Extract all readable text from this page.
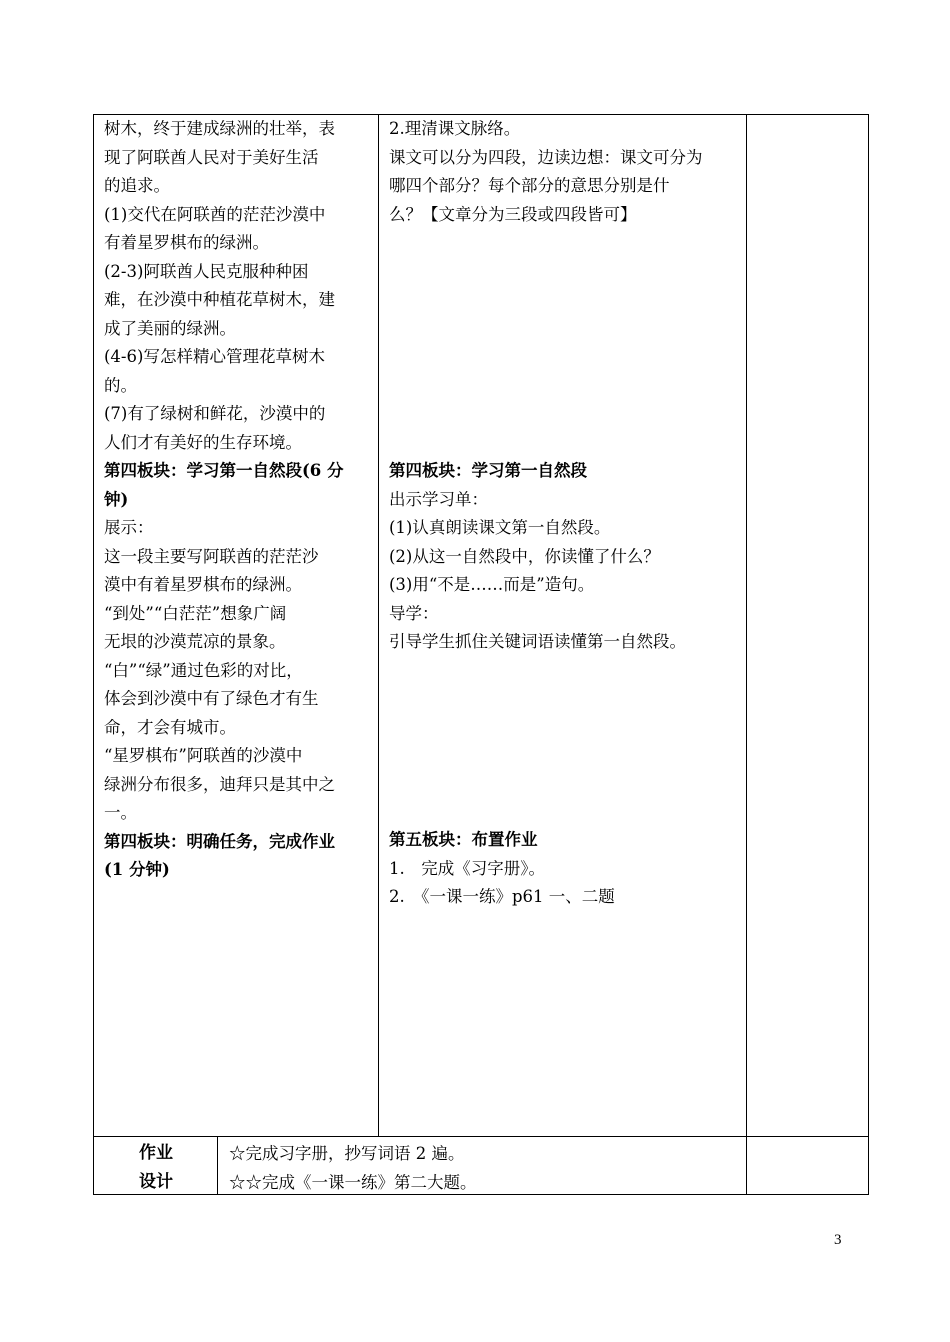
树木，终于建成绿洲的壮举，表

现了阿联酋人民对于美好生活

的追求。

(1)交代在阿联酋的茫茫沙漠中

有着星罗棋布的绿洲。

(2-3)阿联酋人民克服种种困

难，在沙漠中种植花草树木，建

成了美丽的绿洲。

(4-6)写怎样精心管理花草树木

的。

(7)有了绿树和鲜花，沙漠中的

人们才有美好的生存环境。

第四板块：学习第一自然段(6 分

钟)

展示：

这一段主要写阿联酋的茫茫沙

漠中有着星罗棋布的绿洲。

“到处”“白茫茫”想象广阔

无垠的沙漠荒凉的景象。

“白”“绿”通过色彩的对比，

体会到沙漠中有了绿色才有生

命，才会有城市。

“星罗棋布”阿联酋的沙漠中

绿洲分布很多，迪拜只是其中之

一。

第四板块：明确任务，完成作业

(1 分钟)

2.理清课文脉络。

课文可以分为四段，边读边想：课文可分为

哪四个部分？每个部分的意思分别是什

么？【文章分为三段或四段皆可】

第四板块：学习第一自然段

出示学习单：

(1)认真朗读课文第一自然段。

(2)从这一自然段中，你读懂了什么？

(3)用“不是……而是”造句。

导学：

引导学生抓住关键词语读懂第一自然段。

第五板块：布置作业

1.　完成《习字册》。

2.　《一课一练》p61 一、二题

作业
设计

☆完成习字册，抄写词语 2 遍。

☆☆完成《一课一练》第二大题。

3
